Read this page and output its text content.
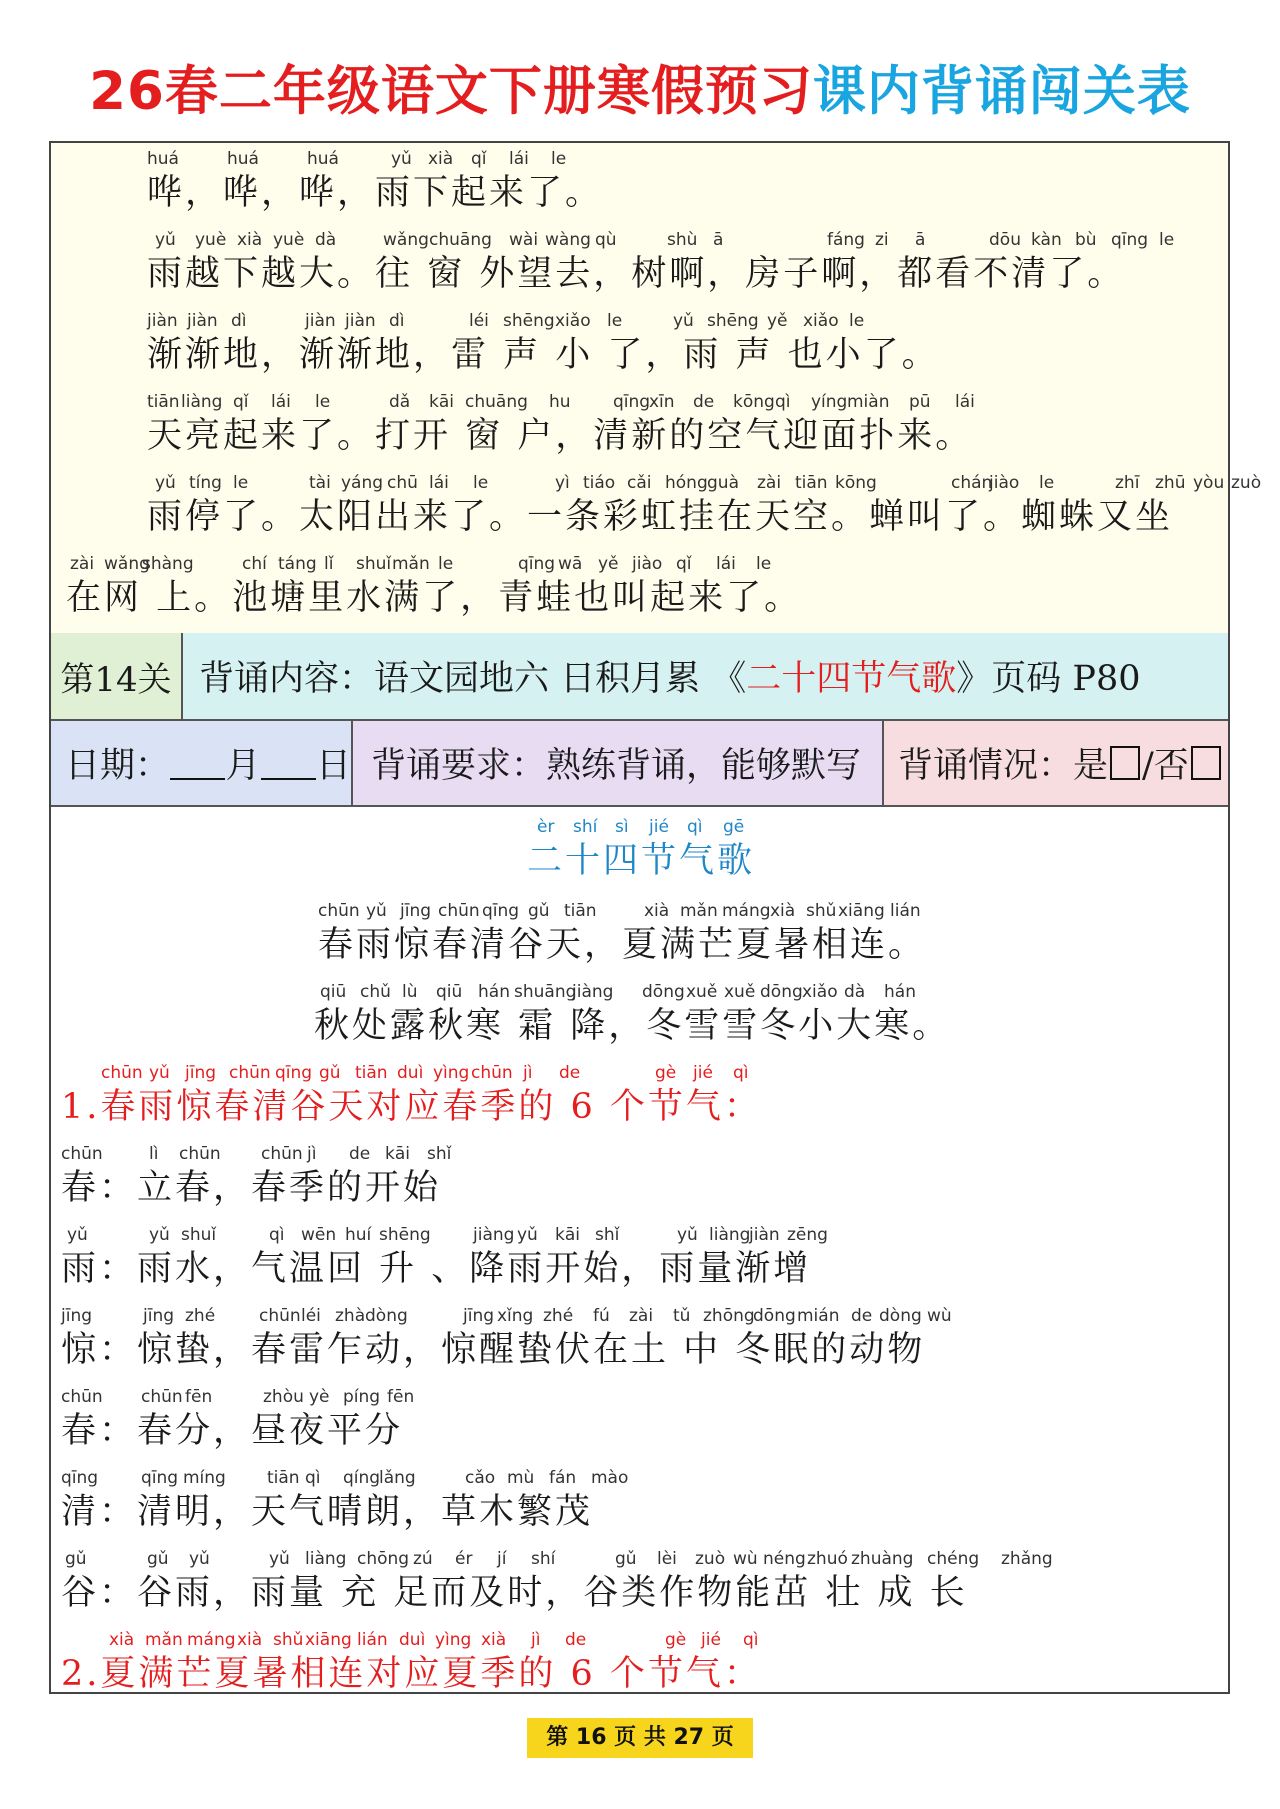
26春二年级语文下册寒假预习课内背诵闯关表
huá	huá	huá	yǔ xià qǐ lái le
哗，哗，哗，雨下起来了。
yǔ yuè xià yuè dà	wǎng chuāng wài wàng qù	shù ā	fáng zi ā	dōu kàn bù qīng le
雨越下越大。往 窗 外望去，树啊，房子啊，都看不清了。
jiàn jiàn dì	jiàn jiàn dì	léi shēng xiǎo le	yǔ shēng yě xiǎo le
渐渐地，渐渐地，雷 声 小 了，雨 声 也小了。
tiān liàng qǐ lái le	dǎ kāi chuāng hu qīng
xīn de kōng qì yíng miàn pū lái
天亮起来了。打开 窗 户，清新的空气迎面扑来。
yǔ tíng le	tài yáng chū lái le	yì tiáo cǎi hóng guà zài tiān kōng	chán
jiào le	zhī zhū yòu zuò
雨停了。太阳出来了。一条彩虹挂在天空。蝉叫了。蜘蛛又坐
zài wǎng
shàng	chí táng lǐ shuǐ mǎn le	qīng wā yě jiào qǐ lái le
在网 上。池塘里水满了，青蛙也叫起来了。
第14关 背诵内容：语文园地六 日积月累 《 二十四节气歌 》页码 P80
日期： 月 日 背诵要求：熟练背诵，能够默写	背诵情况：是 /否
èr shí sì jié qì gē
二十四节气歌
chūn yǔ jīng chūn qīng gǔ tiān	xià mǎn máng xià shǔ xiāng lián
春雨惊春清谷天，夏满芒夏暑相连。
qiū chǔ lù qiū hán shuāng
jiàng dōng xuě xuě dōng xiǎo dà hán
秋处露秋寒 霜 降，冬雪雪冬小大寒。
chūn yǔ jīng chūn qīng gǔ tiān duì yìng chūn jì de	gè jié qì
1.春雨惊春清谷天对应春季的 6 个节气：
chūn	lì chūn chūn jì de kāi shǐ
春：立春，春季的开始
yǔ	yǔ shuǐ	qì wēn huí shēng jiàng yǔ kāi shǐ	yǔ liàng
jiàn zēng
雨：雨水，气温回 升 、降雨开始，雨量渐增
jīng	jīng zhé	chūn léi zhà dòng	jīng xǐng zhé fú zài tǔ zhōng
dōng mián de dòng wù
惊：惊蛰，春雷乍动，惊醒蛰伏在土 中 冬眠的动物
chūn chūn fēn	zhòu yè píng fēn
春：春分，昼夜平分
qīng	qīng míng tiān qì qíng
lǎng	cǎo mù fán mào
清：清明，天气晴朗，草木繁茂
gǔ	gǔ yǔ	yǔ liàng chōng zú ér jí shí	gǔ lèi zuò wù néng zhuó zhuàng chéng zhǎng
谷：谷雨，雨量 充 足而及时，谷类作物能茁 壮 成 长
xià mǎn máng xià shǔ xiāng lián duì yìng xià jì de	gè jié qì
2.夏满芒夏暑相连对应夏季的 6 个节气：
第 16 页 共 27 页
